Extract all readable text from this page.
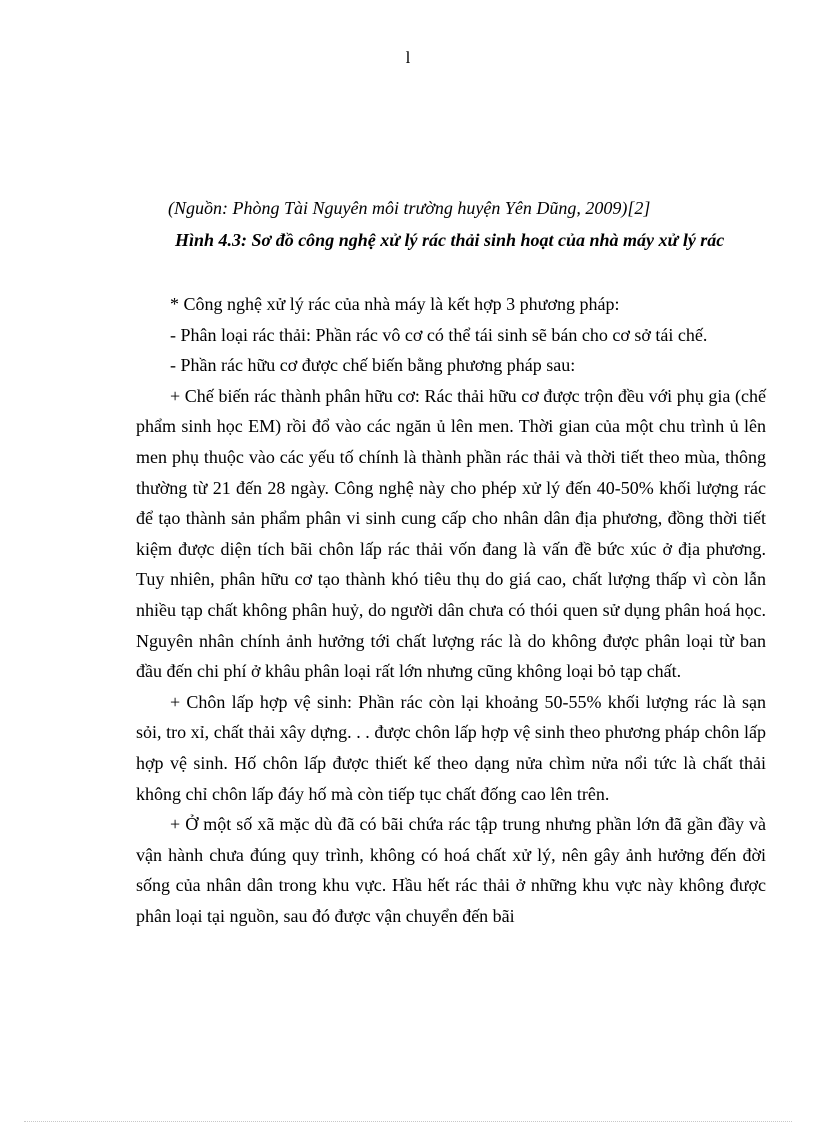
l
(Nguồn: Phòng Tài Nguyên môi trường huyện Yên Dũng, 2009)[2]
Hình 4.3: Sơ đồ công nghệ xử lý rác thải sinh hoạt của nhà máy xử lý rác

* Công nghệ xử lý rác của nhà máy là kết hợp 3 phương pháp:

- Phân loại rác thải: Phần rác vô cơ có thể tái sinh sẽ bán cho cơ sở tái chế.

- Phần rác hữu cơ được chế biến bằng phương pháp sau:

+ Chế biến rác thành phân hữu cơ: Rác thải hữu cơ được trộn đều với phụ gia (chế phẩm sinh học EM) rồi đổ vào các ngăn ủ lên men. Thời gian của một chu trình ủ lên men phụ thuộc vào các yếu tố chính là thành phần rác thải và thời tiết theo mùa, thông thường từ 21 đến 28 ngày. Công nghệ này cho phép xử lý đến 40-50% khối lượng rác để tạo thành sản phẩm phân vi sinh cung cấp cho nhân dân địa phương, đồng thời tiết kiệm được diện tích bãi chôn lấp rác thải vốn đang là vấn đề bức xúc ở địa phương. Tuy nhiên, phân hữu cơ tạo thành khó tiêu thụ do giá cao, chất lượng thấp vì còn lẫn nhiều tạp chất không phân huỷ, do người dân chưa có thói quen sử dụng phân hoá học. Nguyên nhân chính ảnh hưởng tới chất lượng rác là do không được phân loại từ ban đầu đến chi phí ở khâu phân loại rất lớn nhưng cũng không loại bỏ tạp chất.

+ Chôn lấp hợp vệ sinh: Phần rác còn lại khoảng 50-55% khối lượng rác là sạn sỏi, tro xỉ, chất thải xây dựng. . . được chôn lấp hợp vệ sinh theo phương pháp chôn lấp hợp vệ sinh. Hố chôn lấp được thiết kế theo dạng nửa chìm nửa nổi tức là chất thải không chỉ chôn lấp đáy hố mà còn tiếp tục chất đống cao lên trên.

+ Ở một số xã mặc dù đã có bãi chứa rác tập trung nhưng phần lớn đã gần đầy và vận hành chưa đúng quy trình, không có hoá chất xử lý, nên gây ảnh hưởng đến đời sống của nhân dân trong khu vực. Hầu hết rác thải ở những khu vực này không được phân loại tại nguồn, sau đó được vận chuyển đến bãi
